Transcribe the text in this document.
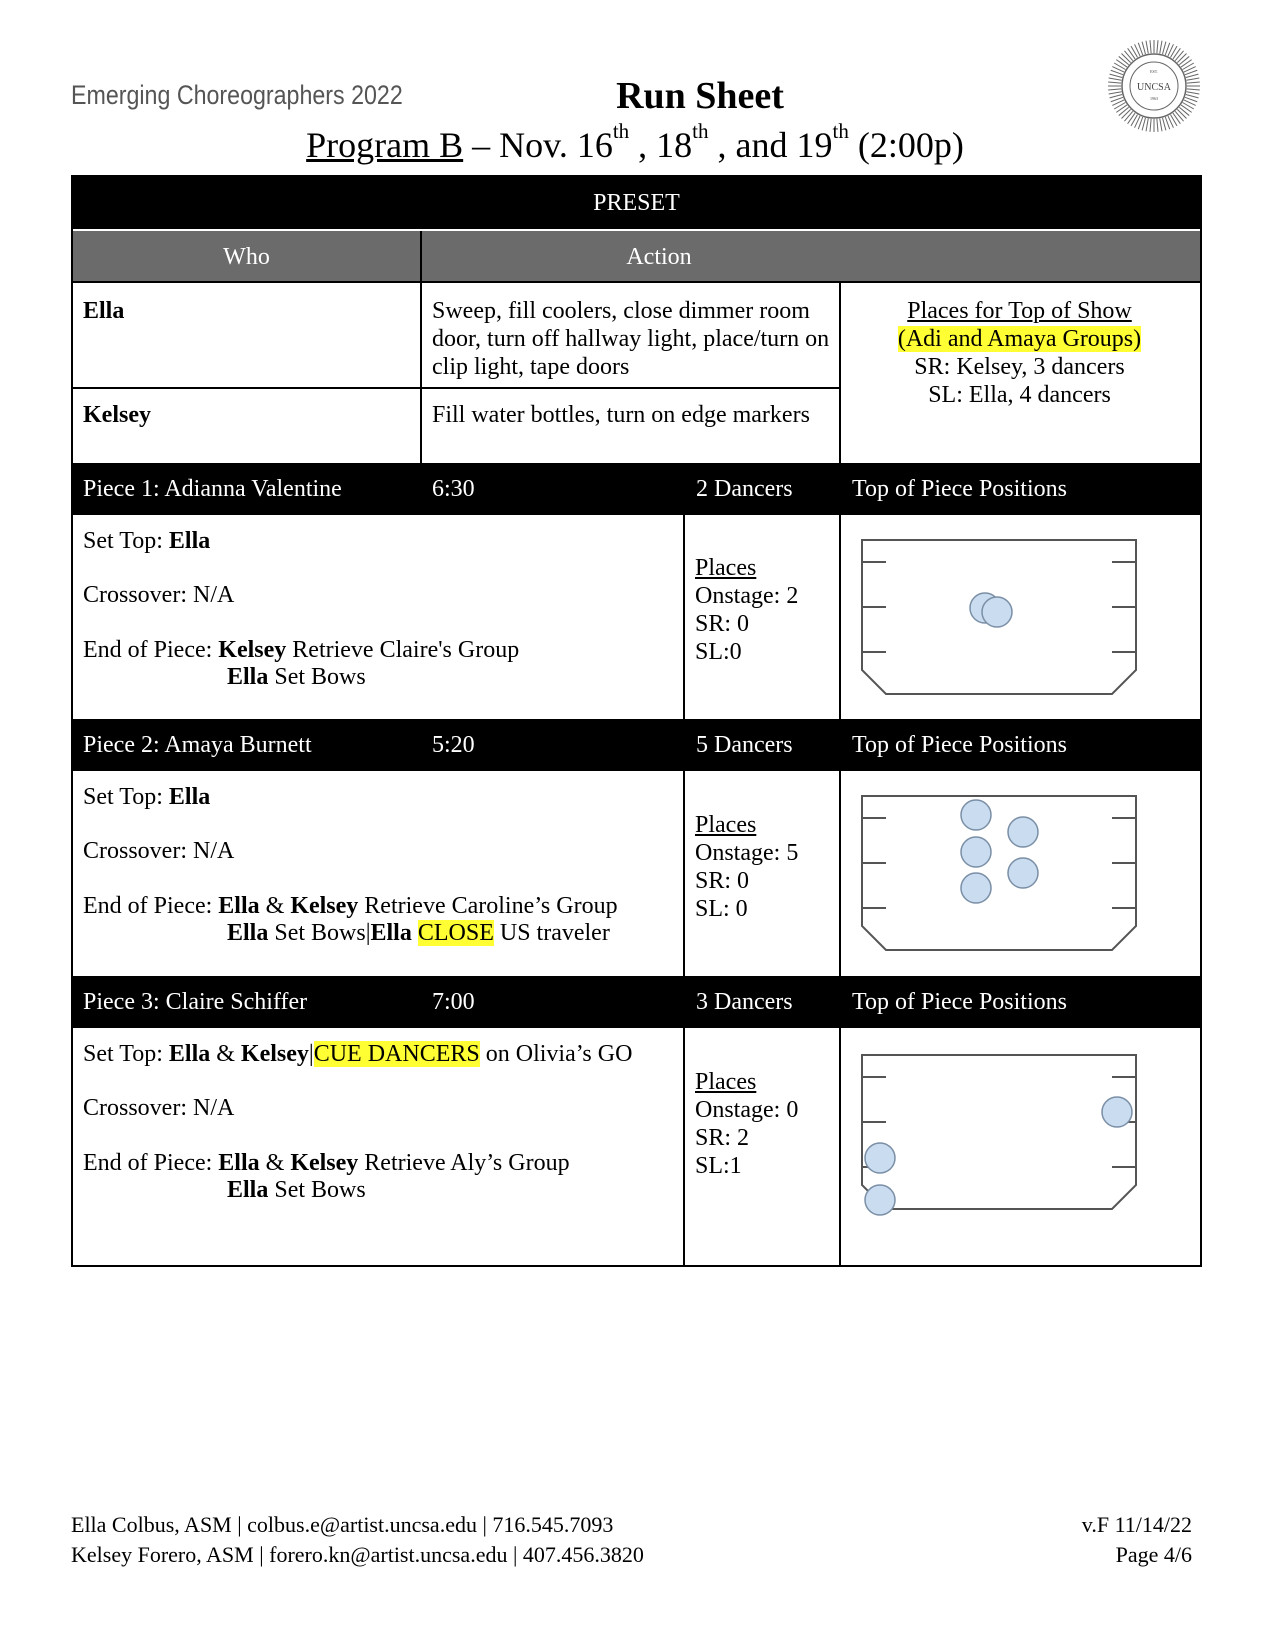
Emerging Choreographers 2022	Run Sheet
Program B – Nov. 16th , 18th , and 19th (2:00p)
UNCSA
EST.
1963
PRESET
Who	Action
Ella	Sweep, fill coolers, close dimmer room door, turn off hallway light, place/turn on clip light, tape doors
Kelsey	Fill water bottles, turn on edge markers
Places for Top of Show
(Adi and Amaya Groups)
SR: Kelsey, 3 dancers
SL: Ella, 4 dancers
Piece 1: Adianna Valentine	6:30	2 Dancers Top of Piece Positions
Set Top: Ella
Crossover: N/A
End of Piece: Kelsey Retrieve Claire's Group
Ella Set Bows
Places
Onstage: 2
SR: 0
SL:0
Piece 2: Amaya Burnett	5:20	5 Dancers Top of Piece Positions
Set Top: Ella
Crossover: N/A
End of Piece: Ella & Kelsey Retrieve Caroline’s Group
Ella Set Bows|Ella CLOSE US traveler
Places
Onstage: 5
SR: 0
SL: 0
Piece 3: Claire Schiffer	7:00	3 Dancers Top of Piece Positions
Set Top: Ella & Kelsey|CUE DANCERS on Olivia’s GO
Crossover: N/A
End of Piece: Ella & Kelsey Retrieve Aly’s Group
Ella Set Bows
Places
Onstage: 0
SR: 2
SL:1
Ella Colbus, ASM | colbus.e@artist.uncsa.edu | 716.545.7093
Kelsey Forero, ASM | forero.kn@artist.uncsa.edu | 407.456.3820
v.F 11/14/22
Page 4/6
